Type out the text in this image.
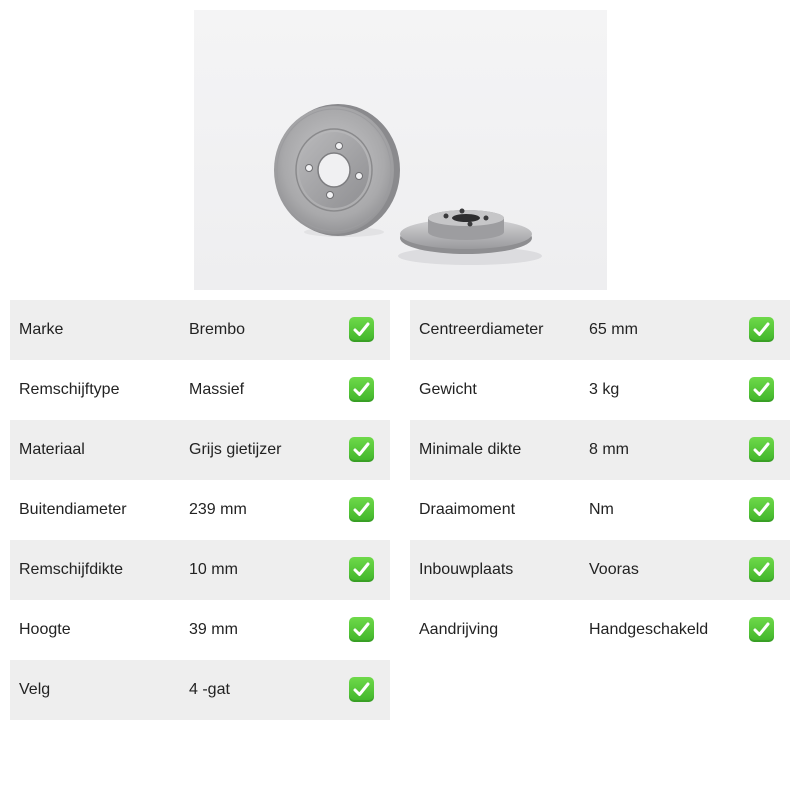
Marke	Brembo
Remschijftype	Massief
Materiaal	Grijs gietijzer
Buitendiameter	239 mm
Remschijfdikte	10 mm
Hoogte	39 mm
Velg	4 -gat
Centreerdiameter	65 mm
Gewicht	3 kg
Minimale dikte	8 mm
Draaimoment	Nm
Inbouwplaats	Vooras
Aandrijving	Handgeschakeld
